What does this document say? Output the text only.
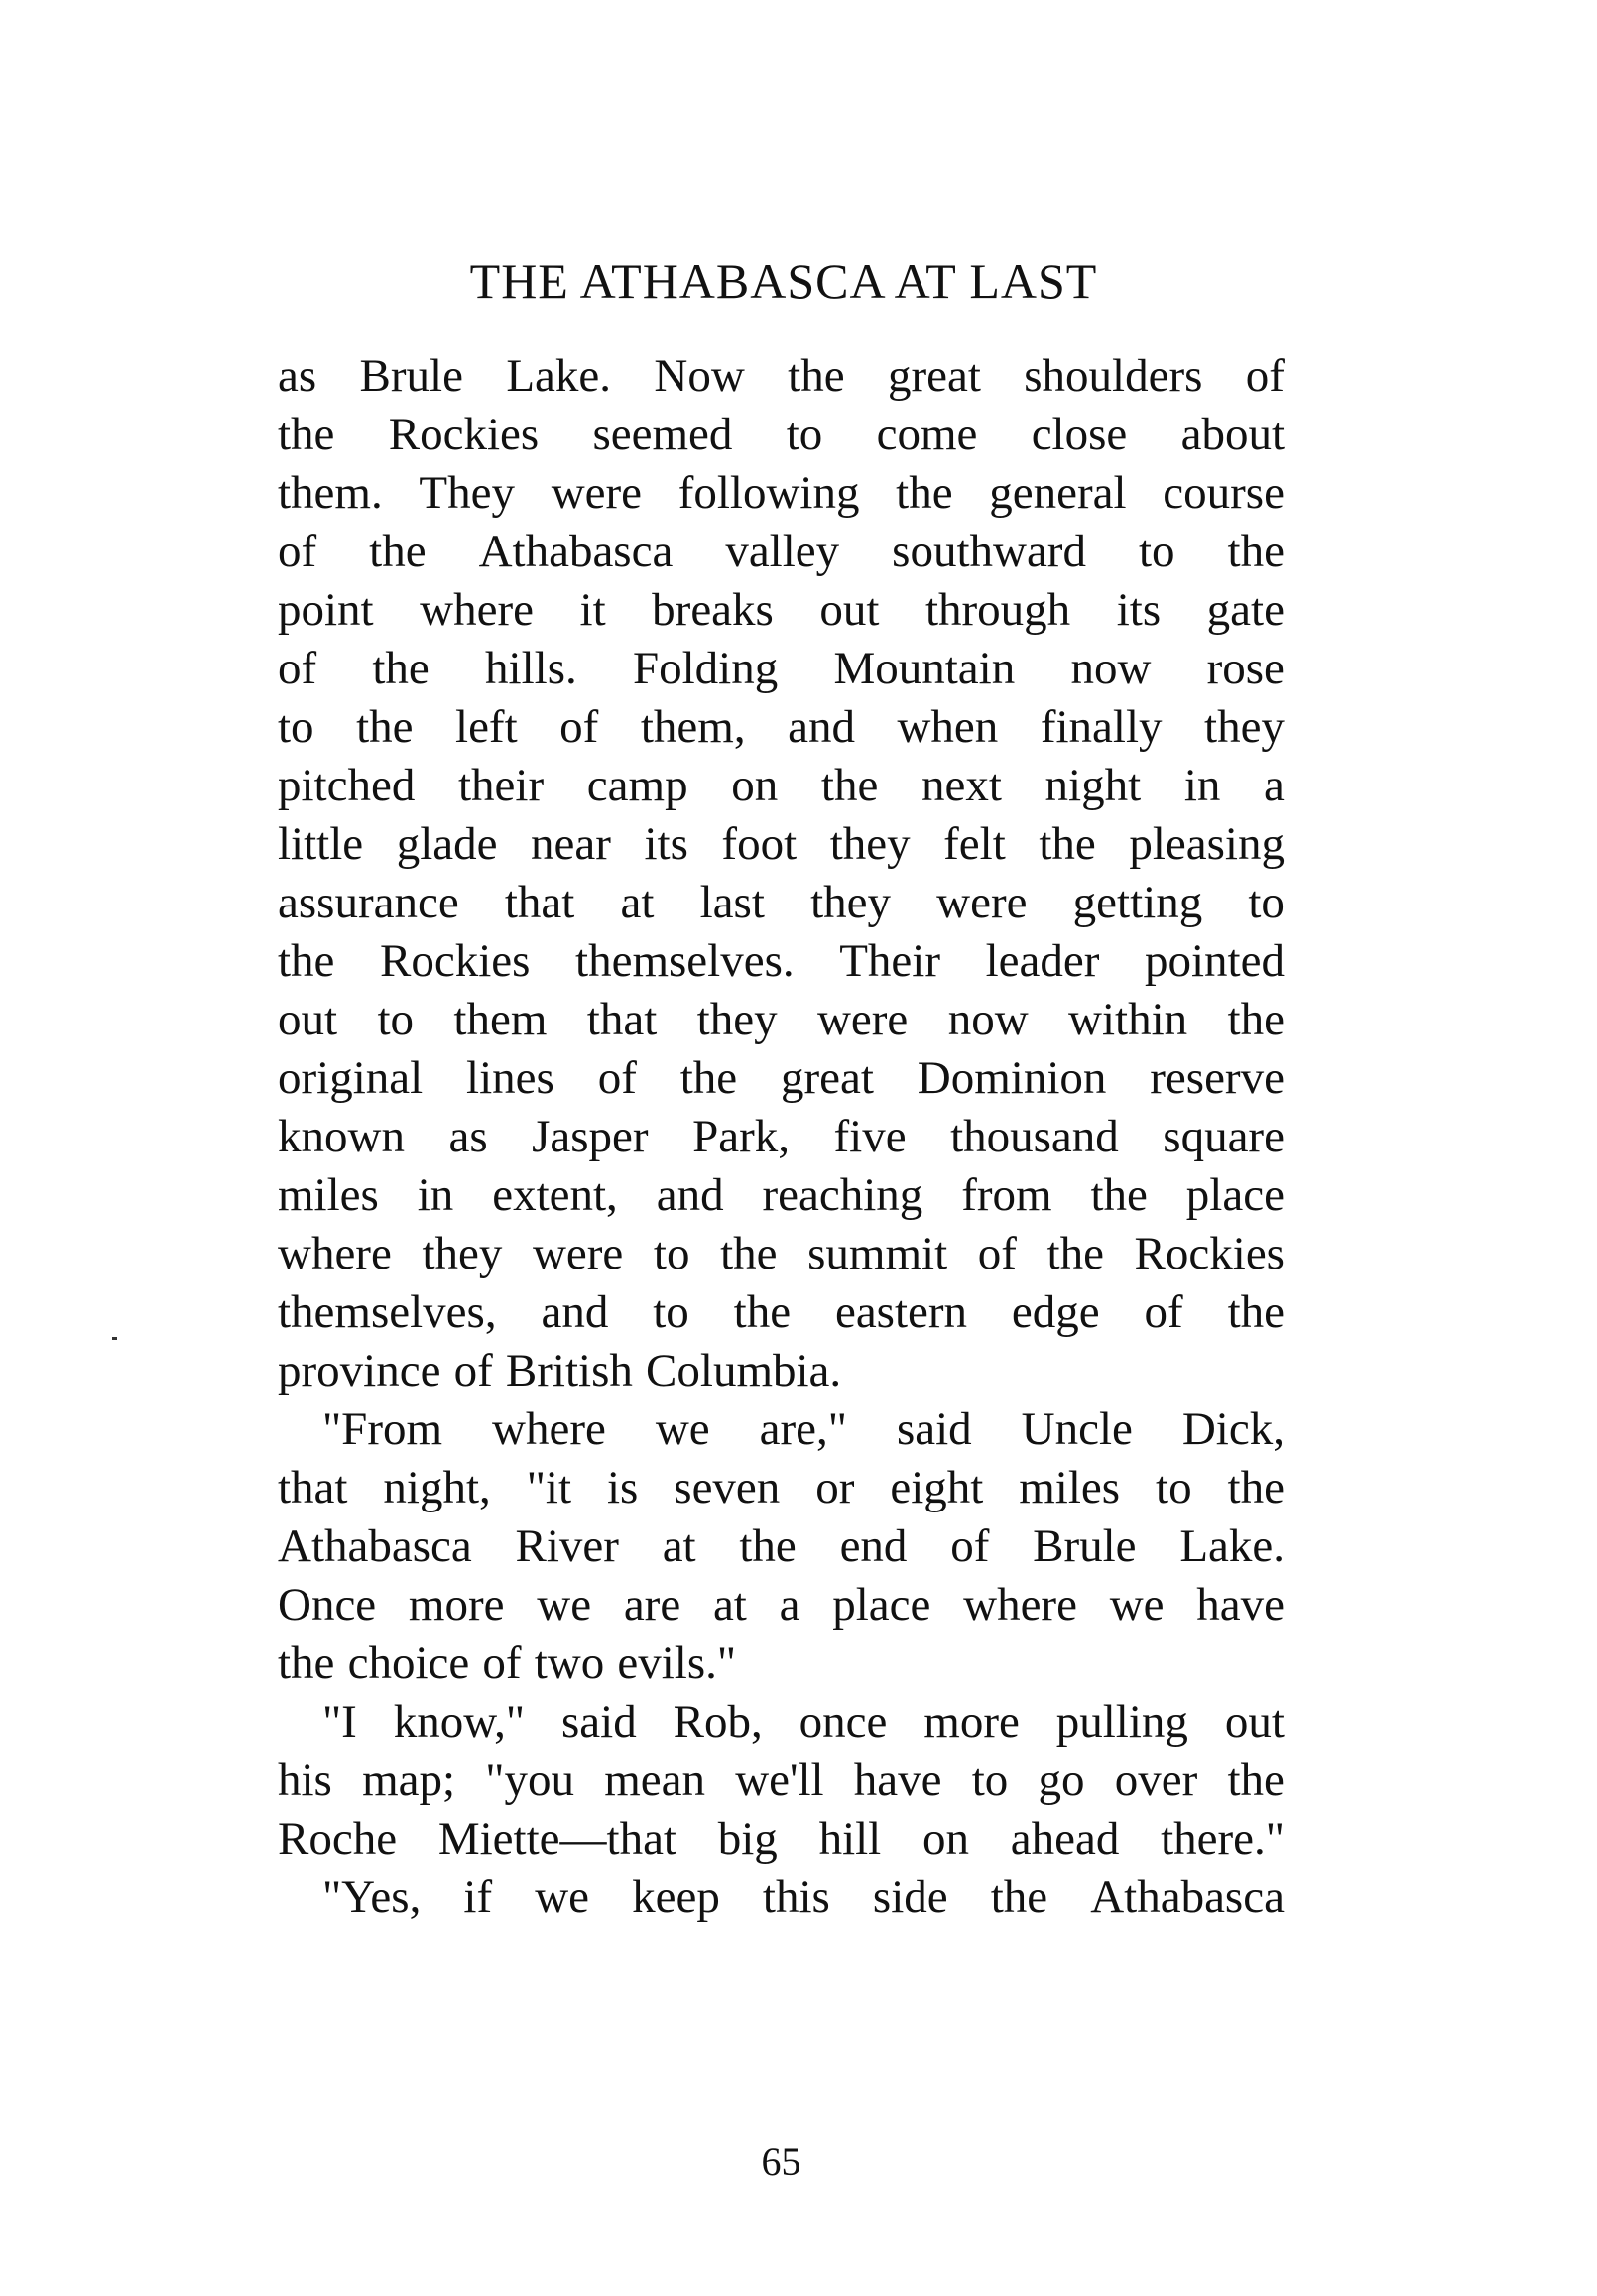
THE ATHABASCA AT LAST
as Brule Lake. Now the great shoulders of
the Rockies seemed to come close about
them. They were following the general course
of the Athabasca valley southward to the
point where it breaks out through its gate
of the hills. Folding Mountain now rose
to the left of them, and when finally they
pitched their camp on the next night in a
little glade near its foot they felt the pleasing
assurance that at last they were getting to
the Rockies themselves. Their leader pointed
out to them that they were now within the
original lines of the great Dominion reserve
known as Jasper Park, five thousand square
miles in extent, and reaching from the place
where they were to the summit of the Rockies
themselves, and to the eastern edge of the
province of British Columbia.
"From where we are," said Uncle Dick,
that night, "it is seven or eight miles to the
Athabasca River at the end of Brule Lake.
Once more we are at a place where we have
the choice of two evils."
"I know," said Rob, once more pulling out
his map; "you mean we'll have to go over the
Roche Miette—that big hill on ahead there."
"Yes, if we keep this side the Athabasca
65
